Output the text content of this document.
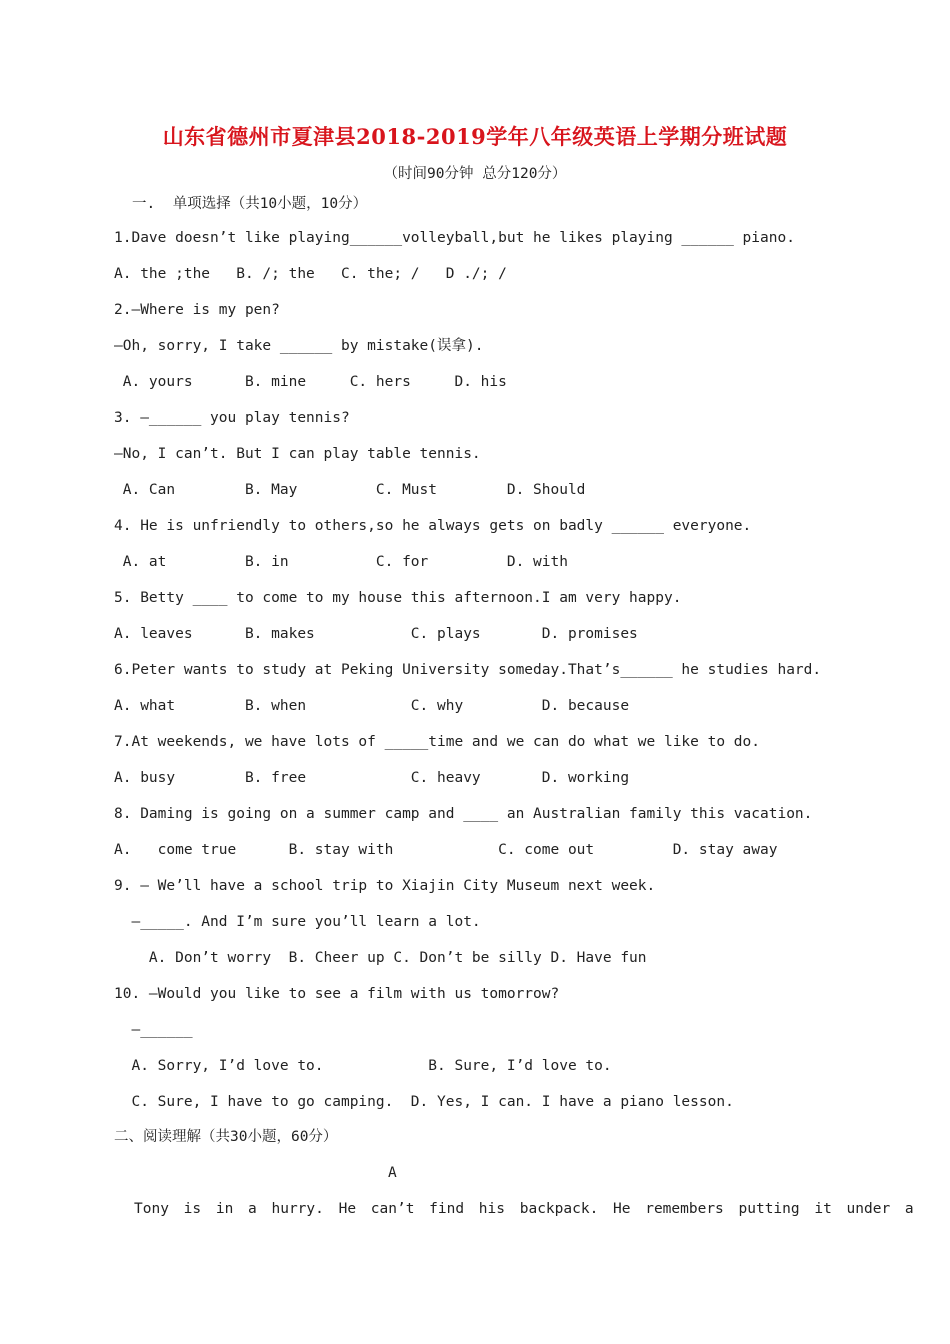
山东省德州市夏津县2018-2019学年八年级英语上学期分班试题
（时间90分钟 总分120分）
一.  单项选择（共10小题，10分）
1.Dave doesn’t like playing______volleyball,but he likes playing ______ piano.
A. the ;the   B. /; the   C. the; /   D ./; /
2.—Where is my pen?
—Oh, sorry, I take ______ by mistake(误拿).
A. yours      B. mine     C. hers     D. his
3. —______ you play tennis?
—No, I can’t. But I can play table tennis.
A. Can        B. May         C. Must        D. Should
4. He is unfriendly to others,so he always gets on badly ______ everyone.
A. at         B. in          C. for         D. with
5. Betty ____ to come to my house this afternoon.I am very happy.
A. leaves      B. makes           C. plays       D. promises
6.Peter wants to study at Peking University someday.That’s______ he studies hard.
A. what        B. when            C. why         D. because
7.At weekends, we have lots of _____time and we can do what we like to do.
A. busy        B. free            C. heavy       D. working
8. Daming is going on a summer camp and ____ an Australian family this vacation.
A.   come true      B. stay with            C. come out         D. stay away
9. — We’ll have a school trip to Xiajin City Museum next week.
—_____. And I’m sure you’ll learn a lot.
A. Don’t worry  B. Cheer up C. Don’t be silly D. Have fun
10. —Would you like to see a film with us tomorrow?
—______
A. Sorry, I’d love to.            B. Sure, I’d love to.
C. Sure, I have to go camping.  D. Yes, I can. I have a piano lesson.
二、阅读理解（共30小题，60分）
A
Tony is in a hurry. He can’t find his backpack. He remembers putting it under a
